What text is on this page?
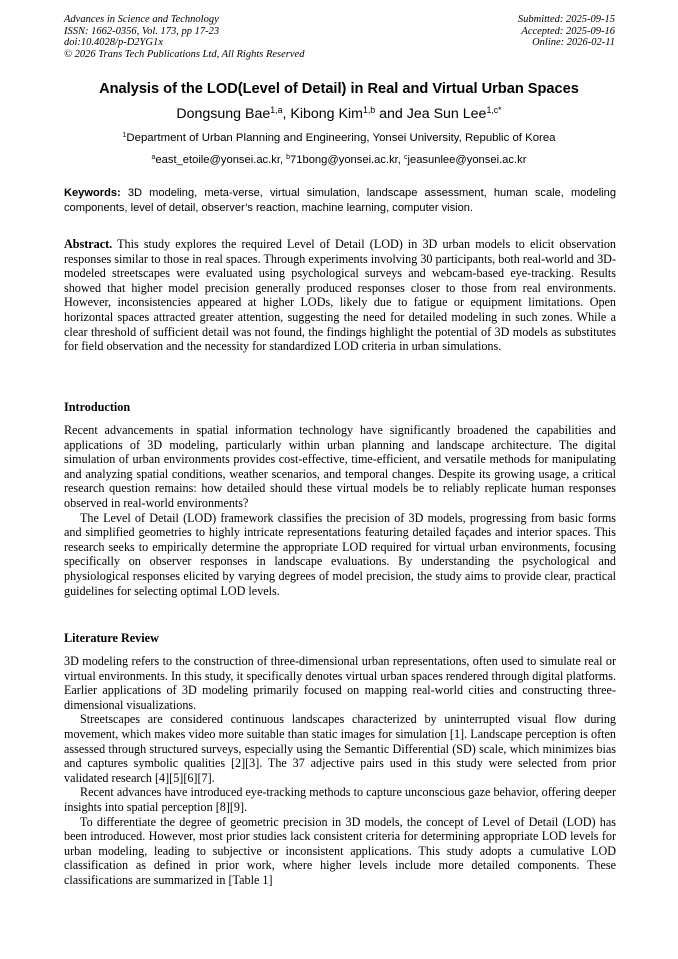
Advances in Science and Technology
ISSN: 1662-0356, Vol. 173, pp 17-23
doi:10.4028/p-D2YG1x
© 2026 Trans Tech Publications Ltd, All Rights Reserved
Submitted: 2025-09-15
Accepted: 2025-09-16
Online: 2026-02-11
Analysis of the LOD(Level of Detail) in Real and Virtual Urban Spaces
Dongsung Bae$^{1,a}$, Kibong Kim$^{1,b}$ and Jea Sun Lee$^{1,c*}$
$^1$Department of Urban Planning and Engineering, Yonsei University, Republic of Korea
$^a$east_etoile@yonsei.ac.kr, $^b$71bong@yonsei.ac.kr, $^c$jeasunlee@yonsei.ac.kr
Keywords: 3D modeling, meta-verse, virtual simulation, landscape assessment, human scale, modeling components, level of detail, observer’s reaction, machine learning, computer vision.
Abstract. This study explores the required Level of Detail (LOD) in 3D urban models to elicit observation responses similar to those in real spaces. Through experiments involving 30 participants, both real-world and 3D-modeled streetscapes were evaluated using psychological surveys and webcam-based eye-tracking. Results showed that higher model precision generally produced responses closer to those from real environments. However, inconsistencies appeared at higher LODs, likely due to fatigue or equipment limitations. Open horizontal spaces attracted greater attention, suggesting the need for detailed modeling in such zones. While a clear threshold of sufficient detail was not found, the findings highlight the potential of 3D models as substitutes for field observation and the necessity for standardized LOD criteria in urban simulations.
Introduction

Recent advancements in spatial information technology have significantly broadened the capabilities and applications of 3D modeling, particularly within urban planning and landscape architecture. The digital simulation of urban environments provides cost-effective, time-efficient, and versatile methods for manipulating and analyzing spatial conditions, weather scenarios, and temporal changes. Despite its growing usage, a critical research question remains: how detailed should these virtual models be to reliably replicate human responses observed in real-world environments?

The Level of Detail (LOD) framework classifies the precision of 3D models, progressing from basic forms and simplified geometries to highly intricate representations featuring detailed façades and interior spaces. This research seeks to empirically determine the appropriate LOD required for virtual urban environments, focusing specifically on observer responses in landscape evaluations. By understanding the psychological and physiological responses elicited by varying degrees of model precision, the study aims to provide clear, practical guidelines for selecting optimal LOD levels.

Literature Review

3D modeling refers to the construction of three-dimensional urban representations, often used to simulate real or virtual environments. In this study, it specifically denotes virtual urban spaces rendered through digital platforms. Earlier applications of 3D modeling primarily focused on mapping real-world cities and constructing three-dimensional visualizations.

Streetscapes are considered continuous landscapes characterized by uninterrupted visual flow during movement, which makes video more suitable than static images for simulation [1]. Landscape perception is often assessed through structured surveys, especially using the Semantic Differential (SD) scale, which minimizes bias and captures symbolic qualities [2][3]. The 37 adjective pairs used in this study were selected from prior validated research [4][5][6][7].

Recent advances have introduced eye-tracking methods to capture unconscious gaze behavior, offering deeper insights into spatial perception [8][9].

To differentiate the degree of geometric precision in 3D models, the concept of Level of Detail (LOD) has been introduced. However, most prior studies lack consistent criteria for determining appropriate LOD levels for urban modeling, leading to subjective or inconsistent applications. This study adopts a cumulative LOD classification as defined in prior work, where higher levels include more detailed components. These classifications are summarized in [Table 1]
